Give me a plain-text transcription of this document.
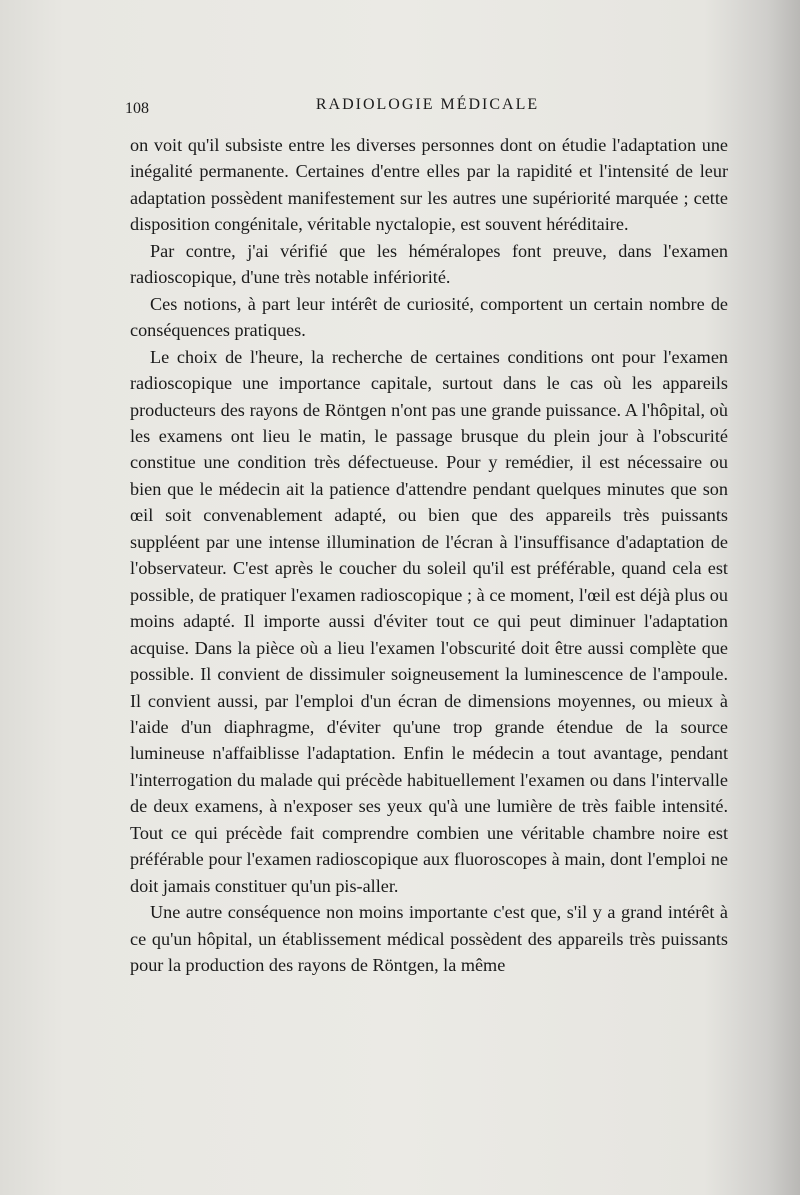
108	RADIOLOGIE MÉDICALE

on voit qu'il subsiste entre les diverses personnes dont on étudie l'adaptation une inégalité permanente. Certaines d'entre elles par la rapidité et l'intensité de leur adaptation possèdent manifestement sur les autres une supériorité marquée ; cette disposition congénitale, véritable nyctalopie, est souvent héréditaire.

Par contre, j'ai vérifié que les héméralopes font preuve, dans l'examen radioscopique, d'une très notable infériorité.

Ces notions, à part leur intérêt de curiosité, comportent un certain nombre de conséquences pratiques.

Le choix de l'heure, la recherche de certaines conditions ont pour l'examen radioscopique une importance capitale, surtout dans le cas où les appareils producteurs des rayons de Röntgen n'ont pas une grande puissance. A l'hôpital, où les examens ont lieu le matin, le passage brusque du plein jour à l'obscurité constitue une condition très défectueuse. Pour y remédier, il est nécessaire ou bien que le médecin ait la patience d'attendre pendant quelques minutes que son œil soit convenablement adapté, ou bien que des appareils très puissants suppléent par une intense illumination de l'écran à l'insuffisance d'adaptation de l'observateur. C'est après le coucher du soleil qu'il est préférable, quand cela est possible, de pratiquer l'examen radioscopique ; à ce moment, l'œil est déjà plus ou moins adapté. Il importe aussi d'éviter tout ce qui peut diminuer l'adaptation acquise. Dans la pièce où a lieu l'examen l'obscurité doit être aussi complète que possible. Il convient de dissimuler soigneusement la luminescence de l'ampoule. Il convient aussi, par l'emploi d'un écran de dimensions moyennes, ou mieux à l'aide d'un diaphragme, d'éviter qu'une trop grande étendue de la source lumineuse n'affaiblisse l'adaptation. Enfin le médecin a tout avantage, pendant l'interrogation du malade qui précède habituellement l'examen ou dans l'intervalle de deux examens, à n'exposer ses yeux qu'à une lumière de très faible intensité. Tout ce qui précède fait comprendre combien une véritable chambre noire est préférable pour l'examen radioscopique aux fluoroscopes à main, dont l'emploi ne doit jamais constituer qu'un pis-aller.

Une autre conséquence non moins importante c'est que, s'il y a grand intérêt à ce qu'un hôpital, un établissement médical possèdent des appareils très puissants pour la production des rayons de Röntgen, la même
